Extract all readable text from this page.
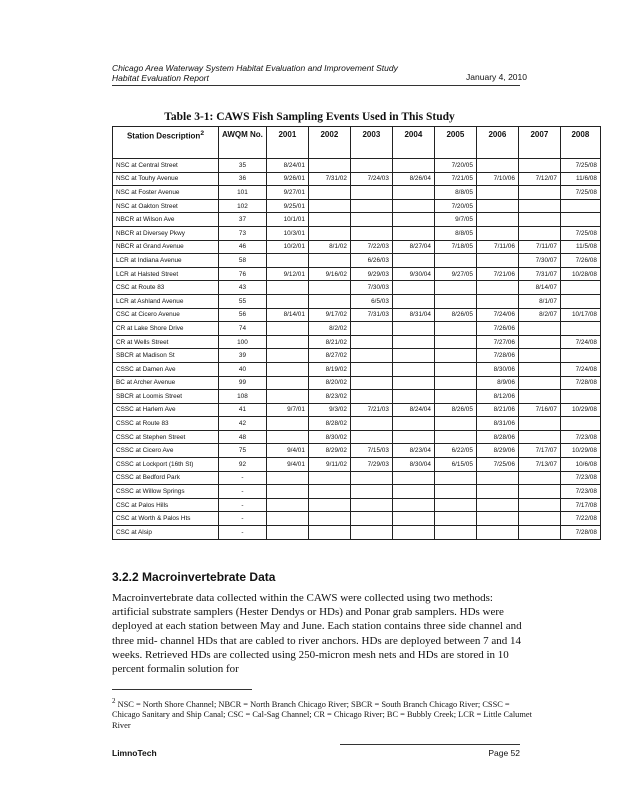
Chicago Area Waterway System Habitat Evaluation and Improvement Study
Habitat Evaluation Report	January 4, 2010
Table 3-1: CAWS Fish Sampling Events Used in This Study
Station Description$^2$	AWQM No.	2001	2002	2003	2004	2005	2006	2007	2008
NSC at Central Street	35	8/24/01				7/20/05			7/25/08
NSC at Touhy Avenue	36	9/26/01	7/31/02	7/24/03	8/26/04	7/21/05	7/10/06	7/12/07	11/6/08
NSC at Foster Avenue	101	9/27/01				8/8/05			7/25/08
NSC at Oakton Street	102	9/25/01				7/20/05			
NBCR at Wilson Ave	37	10/1/01				9/7/05			
NBCR at Diversey Pkwy	73	10/3/01				8/8/05			7/25/08
NBCR at Grand Avenue	46	10/2/01	8/1/02	7/22/03	8/27/04	7/18/05	7/11/06	7/11/07	11/5/08
LCR at Indiana Avenue	58			6/26/03				7/30/07	7/26/08
LCR at Halsted Street	76	9/12/01	9/16/02	9/29/03	9/30/04	9/27/05	7/21/06	7/31/07	10/28/08
CSC at Route 83	43			7/30/03				8/14/07	
LCR at Ashland Avenue	55			6/5/03				8/1/07	
CSC at Cicero Avenue	56	8/14/01	9/17/02	7/31/03	8/31/04	8/26/05	7/24/06	8/2/07	10/17/08
CR at Lake Shore Drive	74		8/2/02				7/26/06		
CR at Wells Street	100		8/21/02				7/27/06		7/24/08
SBCR at Madison St	39		8/27/02				7/28/06		
CSSC at Damen Ave	40		8/19/02				8/30/06		7/24/08
BC at Archer Avenue	99		8/20/02				8/9/06		7/28/08
SBCR at Loomis Street	108		8/23/02				8/12/06		
CSSC at Harlem Ave	41	9/7/01	9/3/02	7/21/03	8/24/04	8/26/05	8/21/06	7/16/07	10/29/08
CSSC at Route 83	42		8/28/02				8/31/06		
CSSC at Stephen Street	48		8/30/02				8/28/06		7/23/08
CSSC at Cicero Ave	75	9/4/01	8/29/02	7/15/03	8/23/04	6/22/05	8/29/06	7/17/07	10/29/08
CSSC at Lockport (16th St)	92	9/4/01	9/11/02	7/29/03	8/30/04	6/15/05	7/25/06	7/13/07	10/6/08
CSSC at Bedford Park	-								7/23/08
CSSC at Willow Springs	-								7/23/08
CSC at Palos Hills	-								7/17/08
CSC at Worth & Palos Hts	-								7/22/08
CSC at Alsip	-								7/28/08
3.2.2 Macroinvertebrate Data
Macroinvertebrate data collected within the CAWS were collected using two methods: artificial substrate samplers (Hester Dendys or HDs) and Ponar grab samplers. HDs were deployed at each station between May and June. Each station contains three side channel and three mid- channel HDs that are cabled to river anchors. HDs are deployed between 7 and 14 weeks. Retrieved HDs are collected using 250-micron mesh nets and HDs are stored in 10 percent formalin solution for
$^2$ NSC = North Shore Channel; NBCR = North Branch Chicago River; SBCR = South Branch Chicago River; CSSC = Chicago Sanitary and Ship Canal; CSC = Cal-Sag Channel; CR = Chicago River; BC = Bubbly Creek; LCR = Little Calumet River
LimnoTech	Page 52
